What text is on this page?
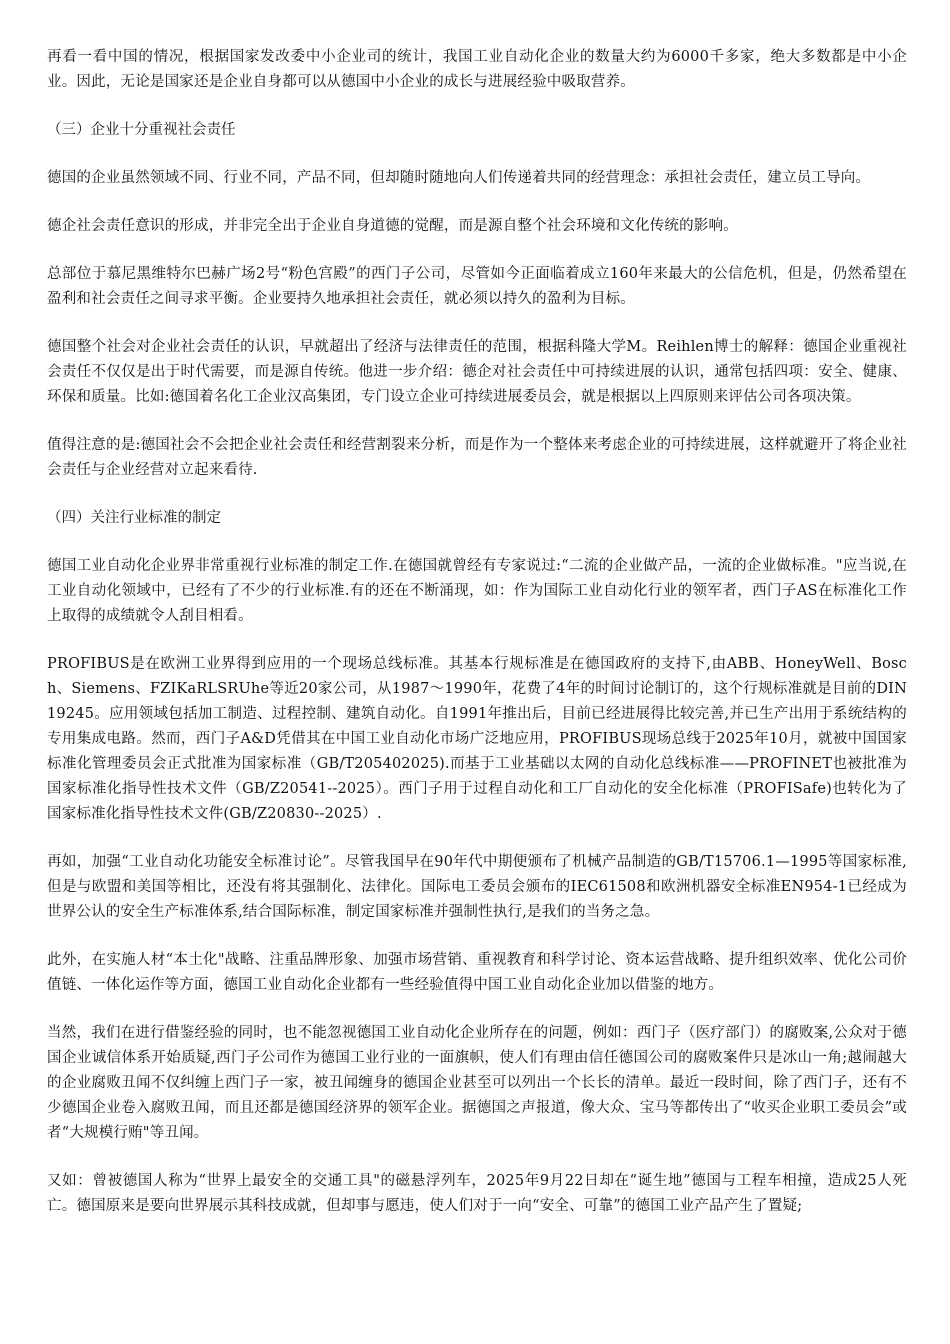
再看一看中国的情况，根据国家发改委中小企业司的统计，我国工业自动化企业的数量大约为6000千多家，绝大多数都是中小企业。因此，无论是国家还是企业自身都可以从德国中小企业的成长与进展经验中吸取营养。

（三）企业十分重视社会责任

德国的企业虽然领域不同、行业不同，产品不同，但却随时随地向人们传递着共同的经营理念：承担社会责任，建立员工导向。

德企社会责任意识的形成，并非完全出于企业自身道德的觉醒，而是源自整个社会环境和文化传统的影响。

总部位于慕尼黑维特尔巴赫广场2号“粉色宫殿”的西门子公司，尽管如今正面临着成立160年来最大的公信危机，但是，仍然希望在盈利和社会责任之间寻求平衡。企业要持久地承担社会责任，就必须以持久的盈利为目标。

德国整个社会对企业社会责任的认识，早就超出了经济与法律责任的范围，根据科隆大学M。Reihlen博士的解释：德国企业重视社会责任不仅仅是出于时代需要，而是源自传统。他进一步介绍：德企对社会责任中可持续进展的认识，通常包括四项：安全、健康、环保和质量。比如:德国着名化工企业汉高集团，专门设立企业可持续进展委员会，就是根据以上四原则来评估公司各项决策。

值得注意的是:德国社会不会把企业社会责任和经营割裂来分析，而是作为一个整体来考虑企业的可持续进展，这样就避开了将企业社会责任与企业经营对立起来看待.

（四）关注行业标准的制定

德国工业自动化企业界非常重视行业标准的制定工作.在德国就曾经有专家说过:“二流的企业做产品，一流的企业做标准。"应当说,在工业自动化领域中，已经有了不少的行业标准.有的还在不断涌现，如：作为国际工业自动化行业的领军者，西门子AS在标准化工作上取得的成绩就令人刮目相看。

PROFIBUS是在欧洲工业界得到应用的一个现场总线标准。其基本行规标准是在德国政府的支持下,由ABB、HoneyWell、Bosch、Siemens、FZIKaRLSRUhe等近20家公司，从1987～1990年，花费了4年的时间讨论制订的，这个行规标准就是目前的DIN19245。应用领域包括加工制造、过程控制、建筑自动化。自1991年推出后，目前已经进展得比较完善,并已生产出用于系统结构的专用集成电路。然而，西门子A&D凭借其在中国工业自动化市场广泛地应用，PROFIBUS现场总线于2025年10月，就被中国国家标准化管理委员会正式批准为国家标准（GB/T205402025).而基于工业基础以太网的自动化总线标准——PROFINET也被批准为国家标准化指导性技术文件（GB/Z20541--2025）。西门子用于过程自动化和工厂自动化的安全化标准（PROFISafe)也转化为了国家标准化指导性技术文件(GB/Z20830--2025）.

再如，加强“工业自动化功能安全标准讨论”。尽管我国早在90年代中期便颁布了机械产品制造的GB/T15706.1—1995等国家标准,但是与欧盟和美国等相比，还没有将其强制化、法律化。国际电工委员会颁布的IEC61508和欧洲机器安全标准EN954-1已经成为世界公认的安全生产标准体系,结合国际标准，制定国家标准并强制性执行,是我们的当务之急。

此外，在实施人材“本土化"战略、注重品牌形象、加强市场营销、重视教育和科学讨论、资本运营战略、提升组织效率、优化公司价值链、一体化运作等方面，德国工业自动化企业都有一些经验值得中国工业自动化企业加以借鉴的地方。

当然，我们在进行借鉴经验的同时，也不能忽视德国工业自动化企业所存在的问题，例如：西门子（医疗部门）的腐败案,公众对于德国企业诚信体系开始质疑,西门子公司作为德国工业行业的一面旗帜，使人们有理由信任德国公司的腐败案件只是冰山一角;越闹越大的企业腐败丑闻不仅纠缠上西门子一家，被丑闻缠身的德国企业甚至可以列出一个长长的清单。最近一段时间，除了西门子，还有不少德国企业卷入腐败丑闻，而且还都是德国经济界的领军企业。据德国之声报道，像大众、宝马等都传出了“收买企业职工委员会”或者“大规模行贿"等丑闻。

又如：曾被德国人称为“世界上最安全的交通工具"的磁悬浮列车，2025年9月22日却在“诞生地”德国与工程车相撞，造成25人死亡。德国原来是要向世界展示其科技成就，但却事与愿违，使人们对于一向“安全、可靠”的德国工业产品产生了置疑;
